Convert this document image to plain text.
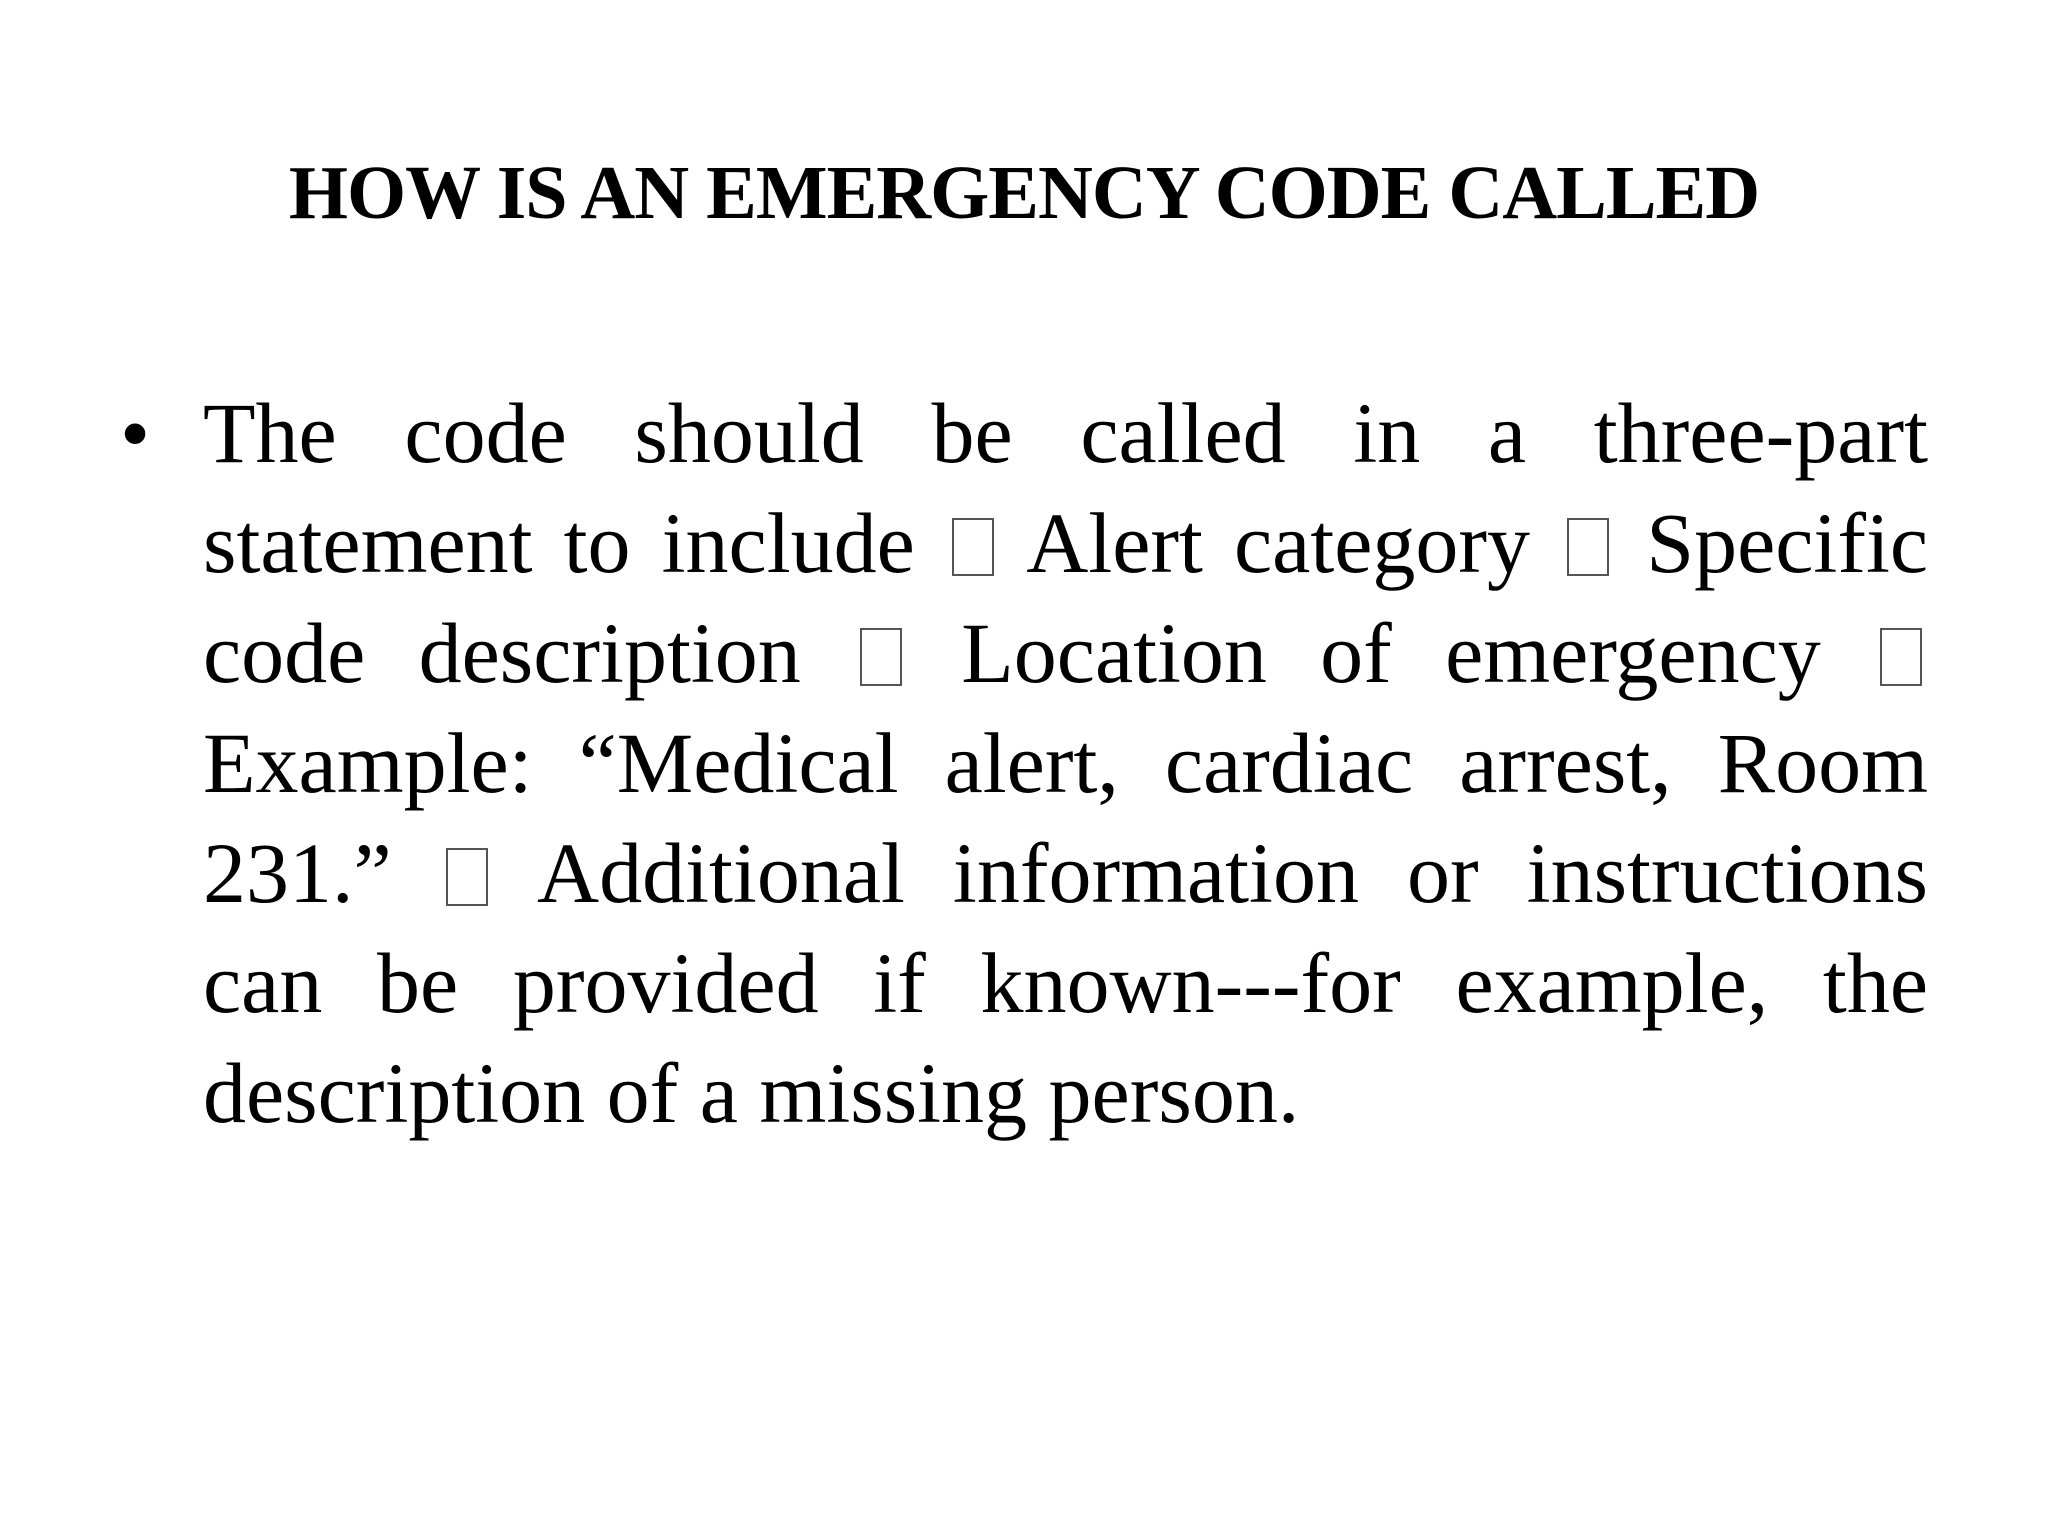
HOW IS AN EMERGENCY CODE CALLED
• The code should be called in a three-part statement to include Alert category Specific code description Location of emergency  Example: “Medical alert, cardiac arrest, Room 231.” Additional information or instructions can be provided if known---for example, the description of a missing person.
